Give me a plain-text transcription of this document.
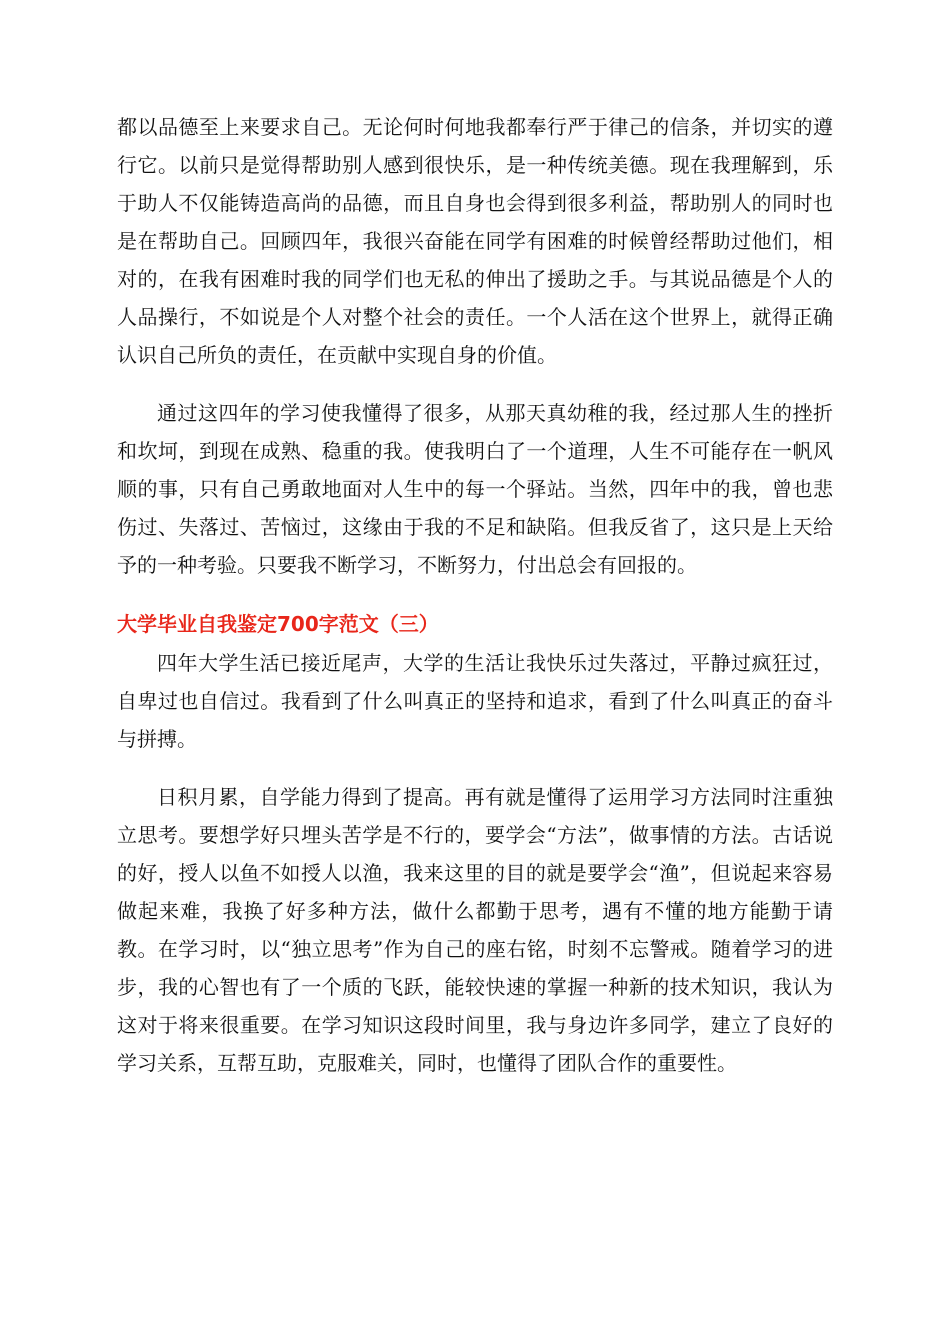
都以品德至上来要求自己。无论何时何地我都奉行严于律己的信条，并切实的遵行它。以前只是觉得帮助别人感到很快乐，是一种传统美德。现在我理解到，乐于助人不仅能铸造高尚的品德，而且自身也会得到很多利益，帮助别人的同时也是在帮助自己。回顾四年，我很兴奋能在同学有困难的时候曾经帮助过他们，相对的，在我有困难时我的同学们也无私的伸出了援助之手。与其说品德是个人的人品操行，不如说是个人对整个社会的责任。一个人活在这个世界上，就得正确认识自己所负的责任，在贡献中实现自身的价值。

通过这四年的学习使我懂得了很多，从那天真幼稚的我，经过那人生的挫折和坎坷，到现在成熟、稳重的我。使我明白了一个道理，人生不可能存在一帆风顺的事，只有自己勇敢地面对人生中的每一个驿站。当然，四年中的我，曾也悲伤过、失落过、苦恼过，这缘由于我的不足和缺陷。但我反省了，这只是上天给予的一种考验。只要我不断学习，不断努力，付出总会有回报的。

大学毕业自我鉴定700字范文（三）

四年大学生活已接近尾声，大学的生活让我快乐过失落过，平静过疯狂过，自卑过也自信过。我看到了什么叫真正的坚持和追求，看到了什么叫真正的奋斗与拼搏。

日积月累，自学能力得到了提高。再有就是懂得了运用学习方法同时注重独立思考。要想学好只埋头苦学是不行的，要学会“方法”，做事情的方法。古话说的好，授人以鱼不如授人以渔，我来这里的目的就是要学会“渔”，但说起来容易做起来难，我换了好多种方法，做什么都勤于思考，遇有不懂的地方能勤于请教。在学习时，以“独立思考”作为自己的座右铭，时刻不忘警戒。随着学习的进步，我的心智也有了一个质的飞跃，能较快速的掌握一种新的技术知识，我认为这对于将来很重要。在学习知识这段时间里，我与身边许多同学，建立了良好的学习关系，互帮互助，克服难关，同时，也懂得了团队合作的重要性。
